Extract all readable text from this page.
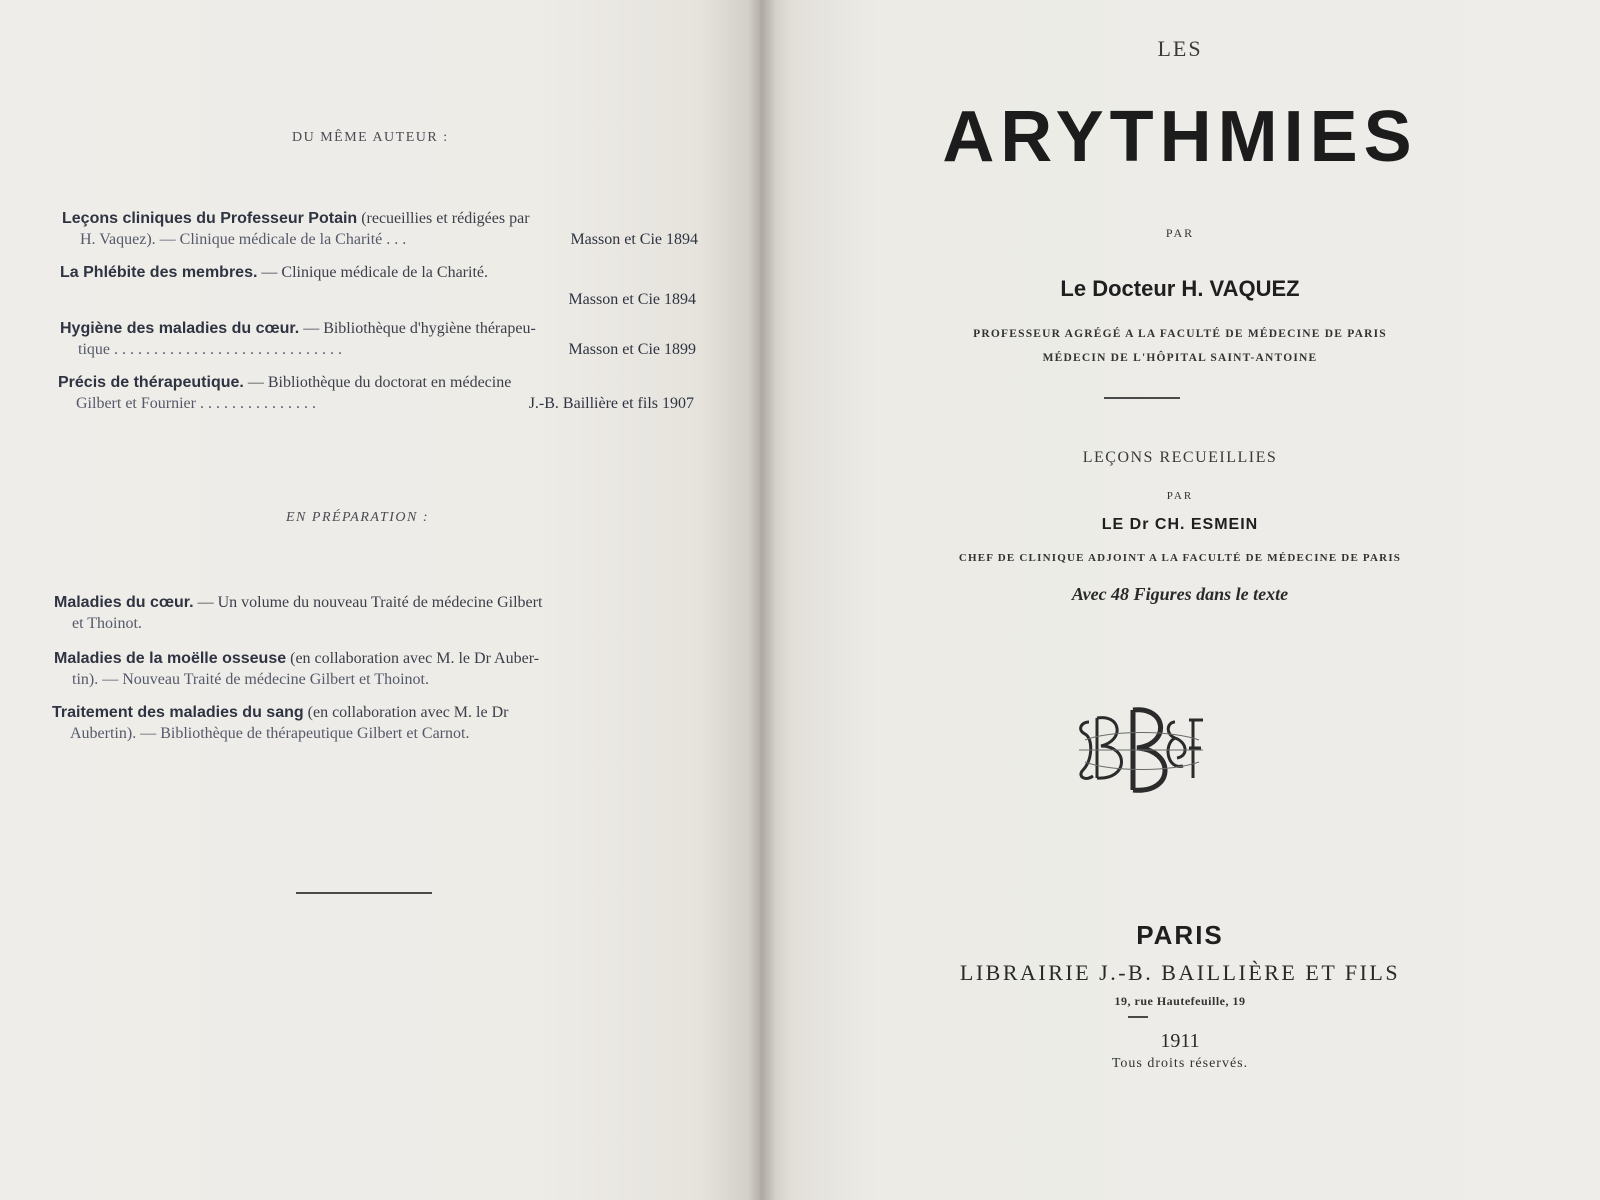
DU MÊME AUTEUR :
Leçons cliniques du Professeur Potain (recueillies et rédigées par
H. Vaquez). — Clinique médicale de la Charité . . .	Masson et Cie 1894
La Phlébite des membres. — Clinique médicale de la Charité.
Masson et Cie 1894
Hygiène des maladies du cœur. — Bibliothèque d'hygiène thérapeu-
tique . . . . . . . . . . . . . . . . . . . . . . . . . . . . .	Masson et Cie 1899
Précis de thérapeutique. — Bibliothèque du doctorat en médecine
Gilbert et Fournier . . . . . . . . . . . . . . .	J.-B. Baillière et fils 1907
EN PRÉPARATION :
Maladies du cœur. — Un volume du nouveau Traité de médecine Gilbert
et Thoinot.
Maladies de la moëlle osseuse (en collaboration avec M. le Dr Auber-
tin). — Nouveau Traité de médecine Gilbert et Thoinot.
Traitement des maladies du sang (en collaboration avec M. le Dr
Aubertin). — Bibliothèque de thérapeutique Gilbert et Carnot.
LES
ARYTHMIES
PAR
Le Docteur H. VAQUEZ
PROFESSEUR AGRÉGÉ A LA FACULTÉ DE MÉDECINE DE PARIS
MÉDECIN DE L'HÔPITAL SAINT-ANTOINE
LEÇONS RECUEILLIES
PAR
LE Dr CH. ESMEIN
CHEF DE CLINIQUE ADJOINT A LA FACULTÉ DE MÉDECINE DE PARIS
Avec 48 Figures dans le texte
PARIS
LIBRAIRIE J.-B. BAILLIÈRE ET FILS
19, rue Hautefeuille, 19
1911
Tous droits réservés.
